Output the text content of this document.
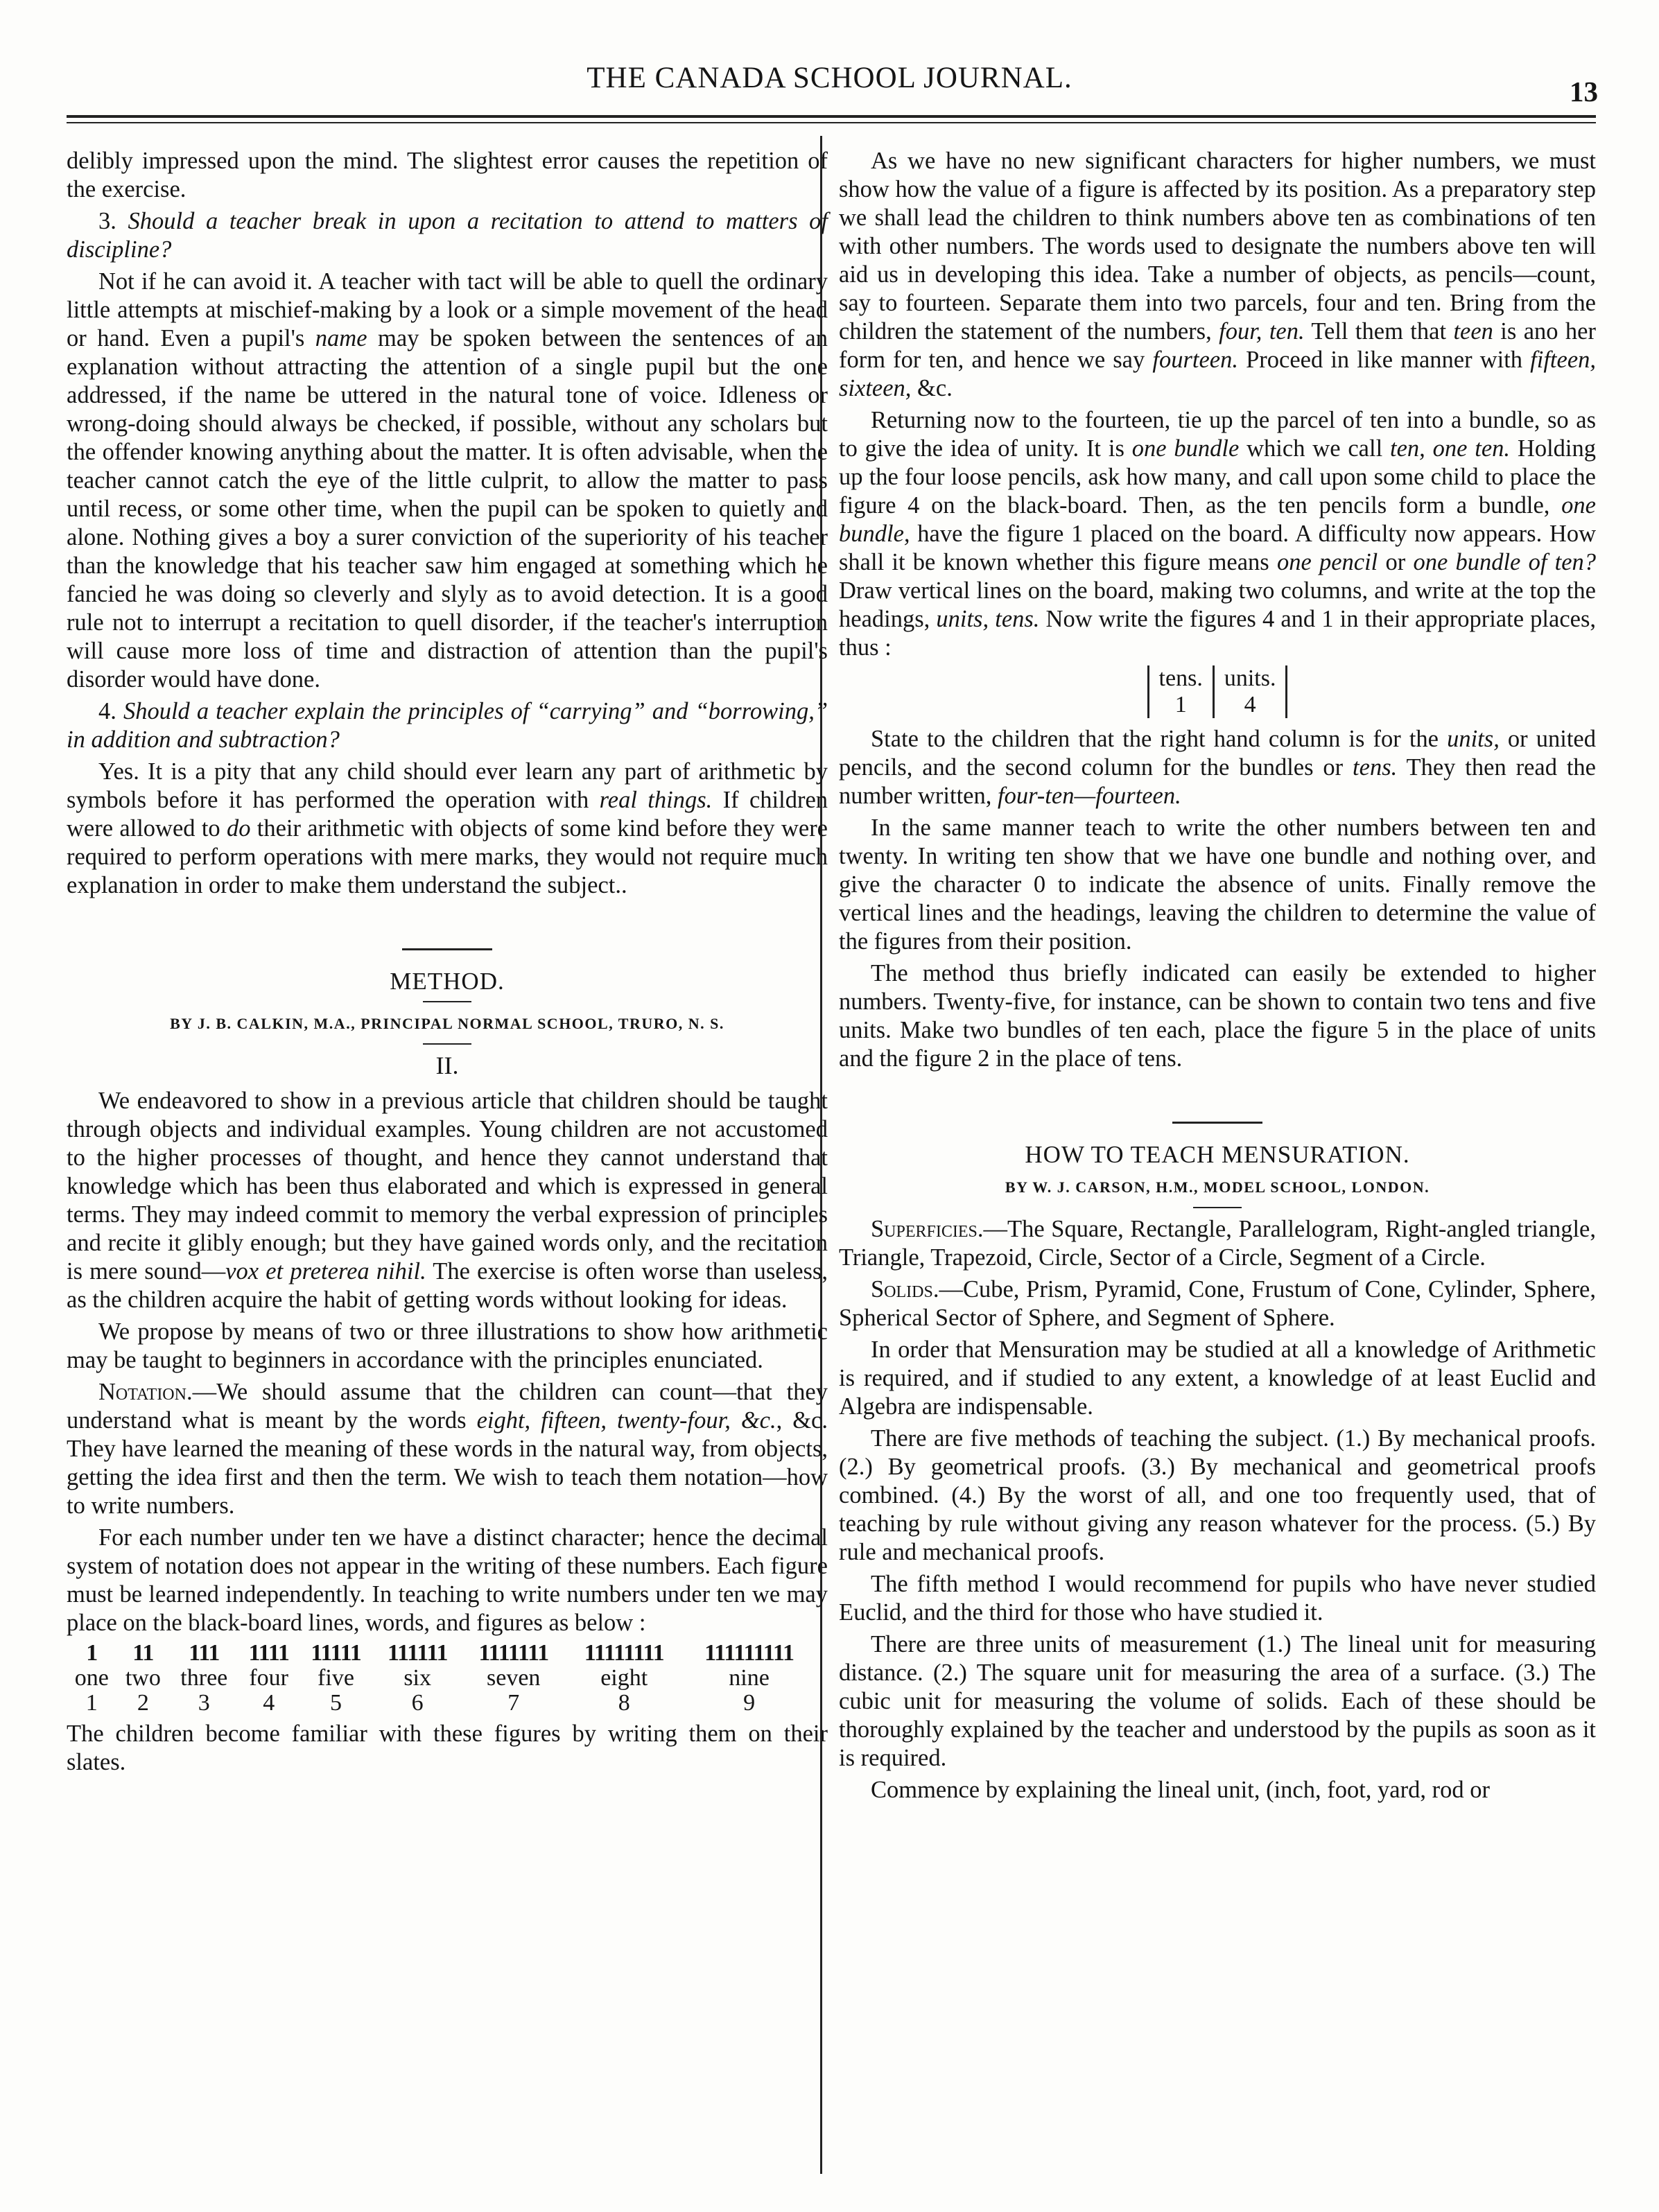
THE CANADA SCHOOL JOURNAL.	13

delibly impressed upon the mind. The slightest error causes the repetition of the exercise.

3. Should a teacher break in upon a recitation to attend to matters of discipline?

Not if he can avoid it. A teacher with tact will be able to quell the ordinary little attempts at mischief-making by a look or a simple movement of the head or hand. Even a pupil's name may be spoken between the sentences of an explanation without attracting the attention of a single pupil but the one addressed, if the name be uttered in the natural tone of voice. Idleness or wrong-doing should always be checked, if possible, without any scholars but the offender knowing anything about the matter. It is often advisable, when the teacher cannot catch the eye of the little culprit, to allow the matter to pass until recess, or some other time, when the pupil can be spoken to quietly and alone. Nothing gives a boy a surer conviction of the superiority of his teacher than the knowledge that his teacher saw him engaged at something which he fancied he was doing so cleverly and slyly as to avoid detection. It is a good rule not to interrupt a recitation to quell disorder, if the teacher's interruption will cause more loss of time and distraction of attention than the pupil's disorder would have done.

4. Should a teacher explain the principles of “carrying” and “borrowing,” in addition and subtraction?

Yes. It is a pity that any child should ever learn any part of arithmetic by symbols before it has performed the operation with real things. If children were allowed to do their arithmetic with objects of some kind before they were required to perform operations with mere marks, they would not require much explanation in order to make them understand the subject..

METHOD.
BY J. B. CALKIN, M.A., PRINCIPAL NORMAL SCHOOL, TRURO, N. S.
II.

We endeavored to show in a previous article that children should be taught through objects and individual examples. Young children are not accustomed to the higher processes of thought, and hence they cannot understand that knowledge which has been thus elaborated and which is expressed in general terms. They may indeed commit to memory the verbal expression of principles and recite it glibly enough; but they have gained words only, and the recitation is mere sound—vox et preterea nihil. The exercise is often worse than useless, as the children acquire the habit of getting words without looking for ideas.

We propose by means of two or three illustrations to show how arithmetic may be taught to beginners in accordance with the principles enunciated.

Notation.—We should assume that the children can count—that they understand what is meant by the words eight, fifteen, twenty-four, &c., &c. They have learned the meaning of these words in the natural way, from objects, getting the idea first and then the term. We wish to teach them notation—how to write numbers.

For each number under ten we have a distinct character; hence the decimal system of notation does not appear in the writing of these numbers. Each figure must be learned independently. In teaching to write numbers under ten we may place on the black-board lines, words, and figures as below :

1	11	111	1111	11111	111111	1111111	11111111	111111111
one	two	three	four	five	six	seven	eight	nine
1	2	3	4	5	6	7	8	9

The children become familiar with these figures by writing them on their slates.

As we have no new significant characters for higher numbers, we must show how the value of a figure is affected by its position. As a preparatory step we shall lead the children to think numbers above ten as combinations of ten with other numbers. The words used to designate the numbers above ten will aid us in developing this idea. Take a number of objects, as pencils—count, say to fourteen. Separate them into two parcels, four and ten. Bring from the children the statement of the numbers, four, ten. Tell them that teen is ano her form for ten, and hence we say fourteen. Proceed in like manner with fifteen, sixteen, &c.

Returning now to the fourteen, tie up the parcel of ten into a bundle, so as to give the idea of unity. It is one bundle which we call ten, one ten. Holding up the four loose pencils, ask how many, and call upon some child to place the figure 4 on the black-board. Then, as the ten pencils form a bundle, one bundle, have the figure 1 placed on the board. A difficulty now appears. How shall it be known whether this figure means one pencil or one bundle of ten? Draw vertical lines on the board, making two columns, and write at the top the headings, units, tens. Now write the figures 4 and 1 in their appropriate places, thus :

tens.	units.
1	4

State to the children that the right hand column is for the units, or united pencils, and the second column for the bundles or tens. They then read the number written, four-ten—fourteen.

In the same manner teach to write the other numbers between ten and twenty. In writing ten show that we have one bundle and nothing over, and give the character 0 to indicate the absence of units. Finally remove the vertical lines and the headings, leaving the children to determine the value of the figures from their position.

The method thus briefly indicated can easily be extended to higher numbers. Twenty-five, for instance, can be shown to contain two tens and five units. Make two bundles of ten each, place the figure 5 in the place of units and the figure 2 in the place of tens.

HOW TO TEACH MENSURATION.
BY W. J. CARSON, H.M., MODEL SCHOOL, LONDON.

Superficies.—The Square, Rectangle, Parallelogram, Right-angled triangle, Triangle, Trapezoid, Circle, Sector of a Circle, Segment of a Circle.

Solids.—Cube, Prism, Pyramid, Cone, Frustum of Cone, Cylinder, Sphere, Spherical Sector of Sphere, and Segment of Sphere.

In order that Mensuration may be studied at all a knowledge of Arithmetic is required, and if studied to any extent, a knowledge of at least Euclid and Algebra are indispensable.

There are five methods of teaching the subject. (1.) By mechanical proofs. (2.) By geometrical proofs. (3.) By mechanical and geometrical proofs combined. (4.) By the worst of all, and one too frequently used, that of teaching by rule without giving any reason whatever for the process. (5.) By rule and mechanical proofs.

The fifth method I would recommend for pupils who have never studied Euclid, and the third for those who have studied it.

There are three units of measurement (1.) The lineal unit for measuring distance. (2.) The square unit for measuring the area of a surface. (3.) The cubic unit for measuring the volume of solids. Each of these should be thoroughly explained by the teacher and understood by the pupils as soon as it is required.

Commence by explaining the lineal unit, (inch, foot, yard, rod or
